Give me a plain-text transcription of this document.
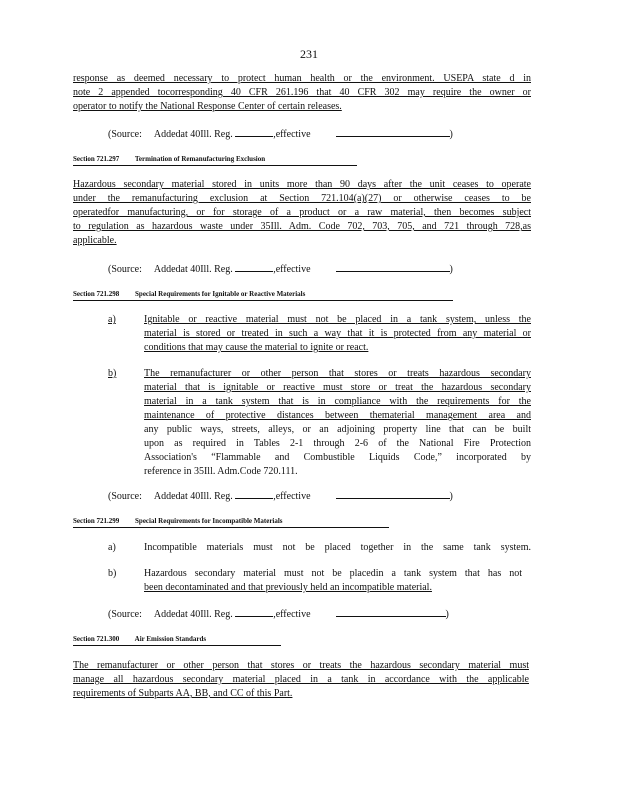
231
response as deemed necessary to protect human health or the environment. USEPA state d in
note 2 appended tocorresponding 40 CFR 261.196 that 40 CFR 302 may require the owner or
operator to notify the National Response Center of certain releases.
(Source: Addedat 40Ill. Reg.	,effective	)
Section 721.297 Termination of Remanufacturing Exclusion
Hazardous secondary material stored in units more than 90 days after the unit ceases to operate
under the remanufacturing exclusion at Section 721.104(a)(27) or otherwise ceases to be
operatedfor manufacturing, or for storage of a product or a raw material, then becomes subject
to regulation as hazardous waste under 35Ill. Adm. Code 702, 703, 705, and 721 through 728,as
applicable.
(Source: Addedat 40Ill. Reg.	,effective	)
Section 721.298 Special Requirements for Ignitable or Reactive Materials
a)	Ignitable or reactive material must not be placed in a tank system, unless the
material is stored or treated in such a way that it is protected from any material or
conditions that may cause the material to ignite or react.
b)	The remanufacturer or other person that stores or treats hazardous secondary
material that is ignitable or reactive must store or treat the hazardous secondary
material in a tank system that is in compliance with the requirements for the
maintenance of protective distances between thematerial management area and
any public ways, streets, alleys, or an adjoining property line that can be built
upon as required in Tables 2-1 through 2-6 of the National Fire Protection
Association's “Flammable and Combustible Liquids Code,” incorporated by
reference in 35Ill. Adm.Code 720.111.
(Source: Addedat 40Ill. Reg.	,effective	)
Section 721.299 Special Requirements for Incompatible Materials
a)	Incompatible materials must not be placed together in the same tank system.
b)	Hazardous secondary material must not be placedin a tank system that has not
been decontaminated and that previously held an incompatible material.
(Source: Addedat 40Ill. Reg.	,effective	)
Section 721.300 Air Emission Standards
The remanufacturer or other person that stores or treats the hazardous secondary material must
manage all hazardous secondary material placed in a tank in accordance with the applicable
requirements of Subparts AA, BB, and CC of this Part.
